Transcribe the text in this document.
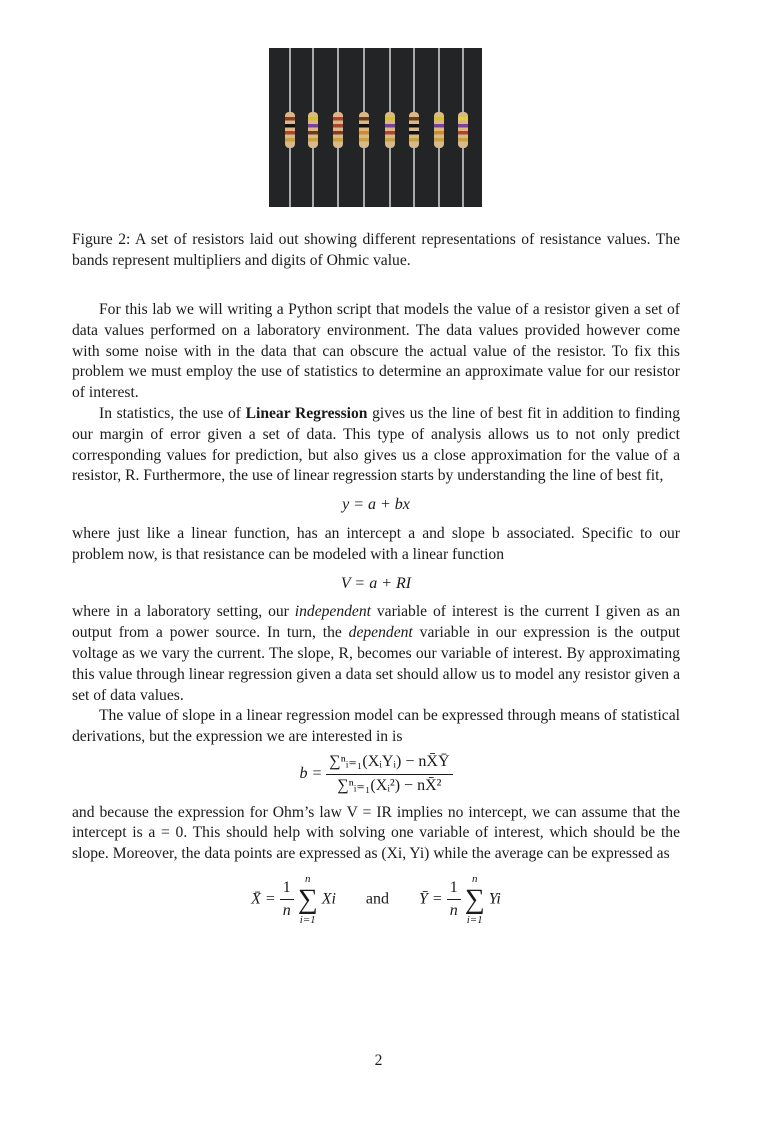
Figure 2: A set of resistors laid out showing different representations of resistance values. The bands represent multipliers and digits of Ohmic value.

For this lab we will writing a Python script that models the value of a resistor given a set of data values performed on a laboratory environment. The data values provided however come with some noise with in the data that can obscure the actual value of the resistor. To fix this problem we must employ the use of statistics to determine an approximate value for our resistor of interest.

In statistics, the use of Linear Regression gives us the line of best fit in addition to finding our margin of error given a set of data. This type of analysis allows us to not only predict corresponding values for prediction, but also gives us a close approximation for the value of a resistor, R. Furthermore, the use of linear regression starts by understanding the line of best fit,

y = a + bx

where just like a linear function, has an intercept a and slope b associated. Specific to our problem now, is that resistance can be modeled with a linear function

V = a + RI

where in a laboratory setting, our independent variable of interest is the current I given as an output from a power source. In turn, the dependent variable in our expression is the output voltage as we vary the current. The slope, R, becomes our variable of interest. By approximating this value through linear regression given a data set should allow us to model any resistor given a set of data values.

The value of slope in a linear regression model can be expressed through means of statistical derivations, but the expression we are interested in is

$b = \frac{\text{∑ⁿᵢ₌₁(XᵢYᵢ) − nX̄Ȳ}}{\text{∑ⁿᵢ₌₁(Xᵢ²) − nX̄²}}$

and because the expression for Ohm’s law V = IR implies no intercept, we can assume that the intercept is a = 0. This should help with solving one variable of interest, which should be the slope. Moreover, the data points are expressed as (Xi, Yi) while the average can be expressed as

X̄ = $\frac{1}{n}$
	n
∑
i=1
Xi and Ȳ = $\frac{1}{n}$
	n
∑
i=1
Yi
2
